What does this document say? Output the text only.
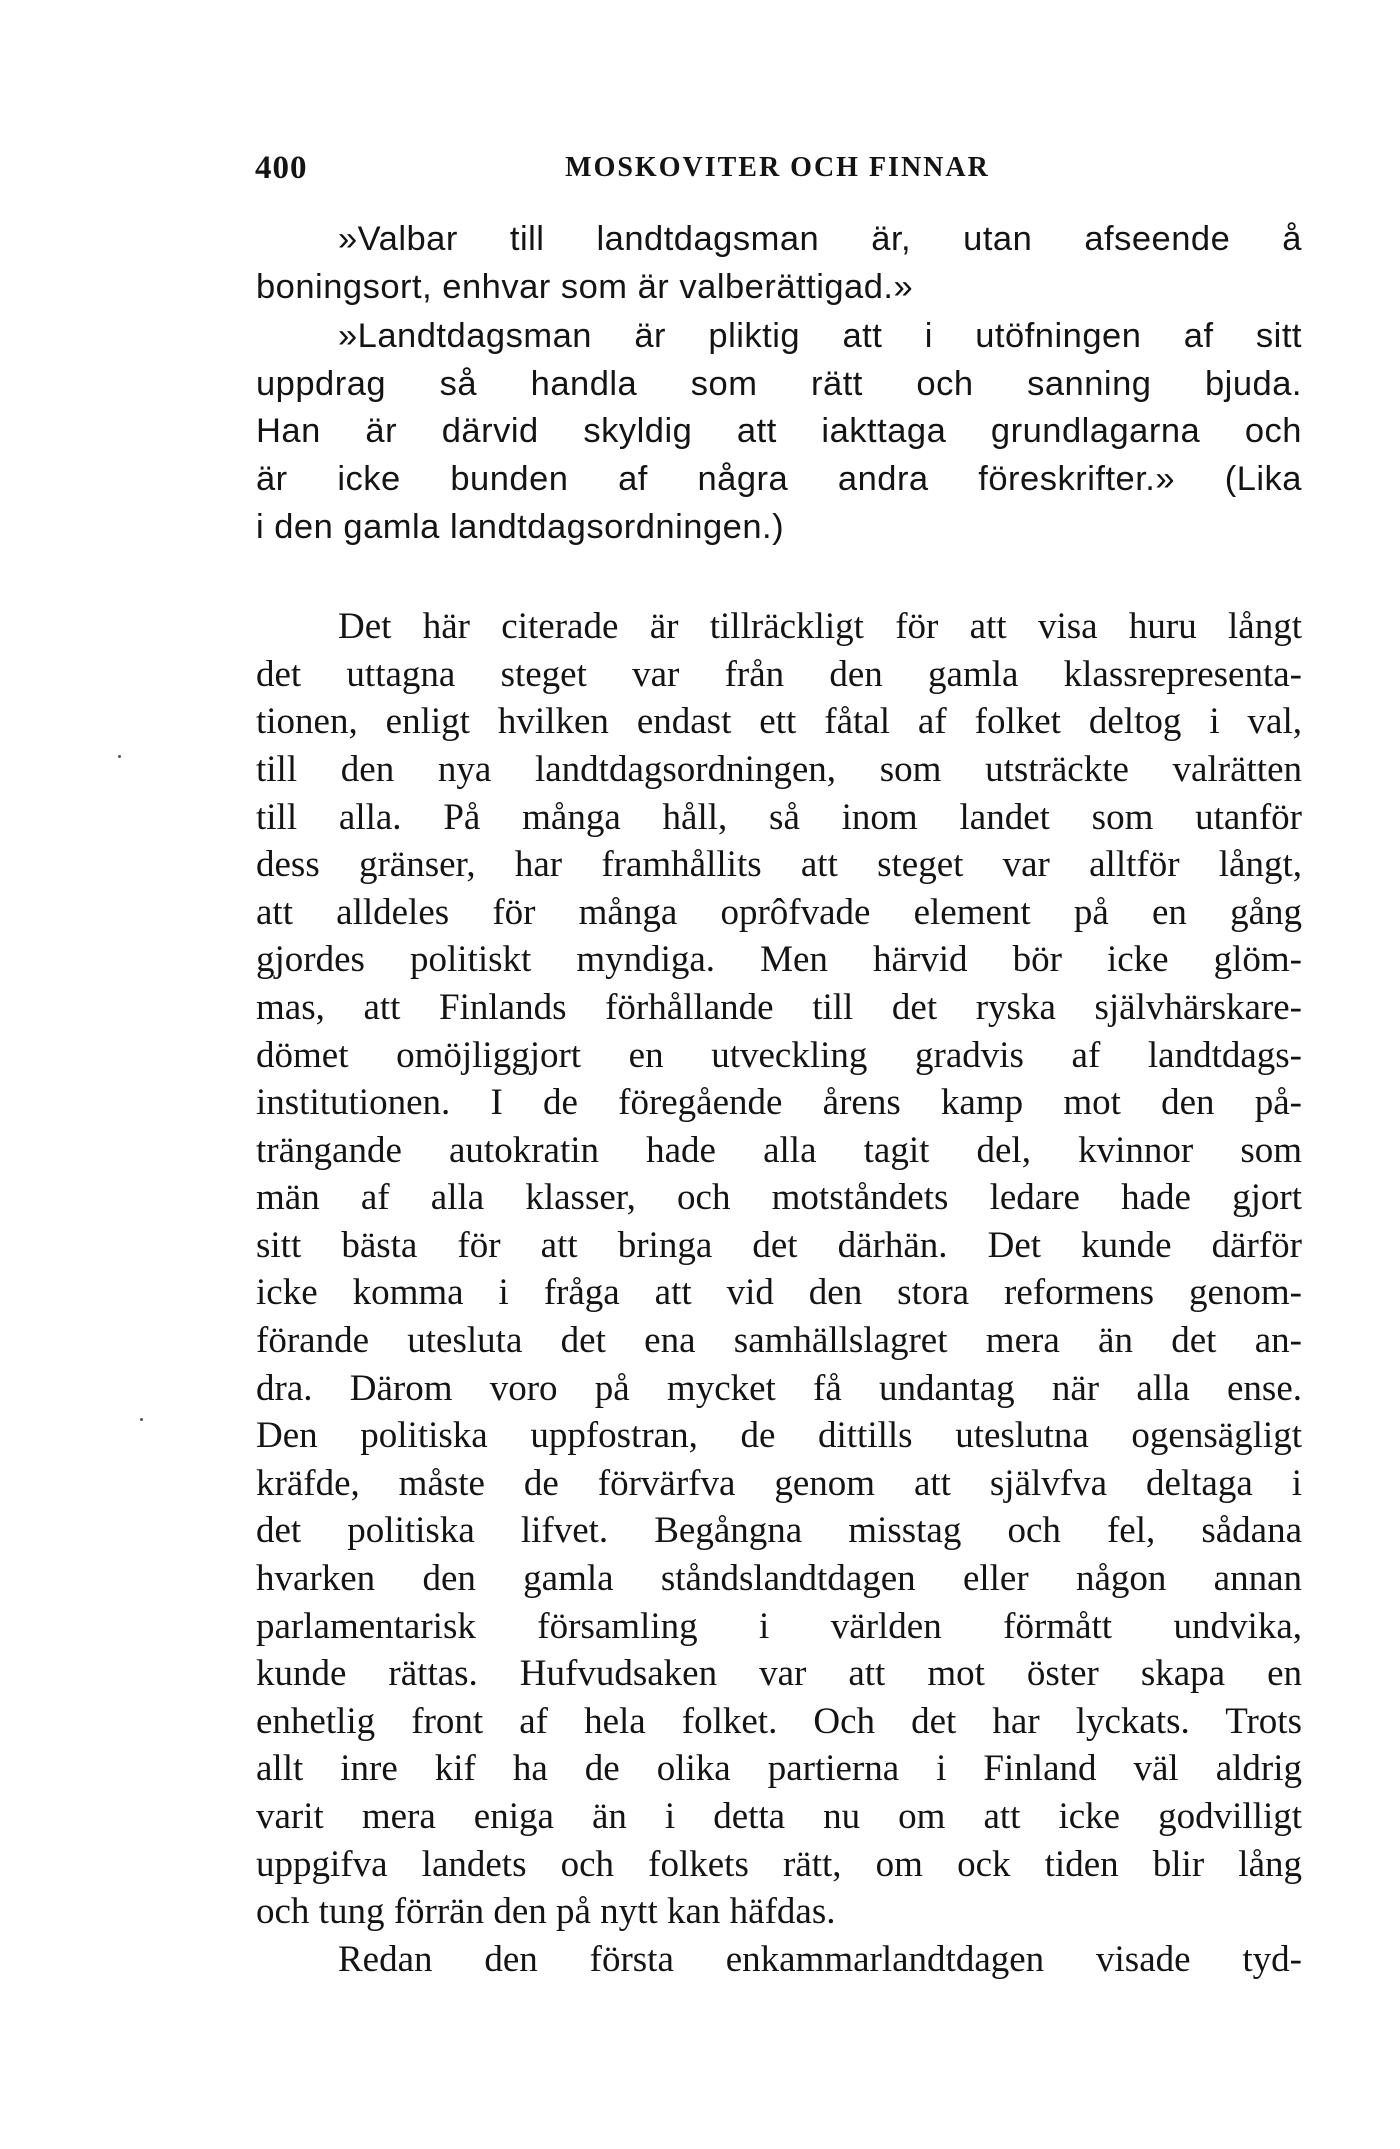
400	MOSKOVITER OCH FINNAR
»Valbar till landtdagsman är, utan afseende å
boningsort, enhvar som är valberättigad.»
»Landtdagsman är pliktig att i utöfningen af sitt
uppdrag så handla som rätt och sanning bjuda.
Han är därvid skyldig att iakttaga grundlagarna och
är icke bunden af några andra föreskrifter.» (Lika
i den gamla landtdagsordningen.)
Det här citerade är tillräckligt för att visa huru långt
det uttagna steget var från den gamla klassrepresenta-
tionen, enligt hvilken endast ett fåtal af folket deltog i val,
till den nya landtdagsordningen, som utsträckte valrätten
till alla. På många håll, så inom landet som utanför
dess gränser, har framhållits att steget var alltför långt,
att alldeles för många oprôfvade element på en gång
gjordes politiskt myndiga. Men härvid bör icke glöm-
mas, att Finlands förhållande till det ryska självhärskare-
dömet omöjliggjort en utveckling gradvis af landtdags-
institutionen. I de föregående årens kamp mot den på-
trängande autokratin hade alla tagit del, kvinnor som
män af alla klasser, och motståndets ledare hade gjort
sitt bästa för att bringa det därhän. Det kunde därför
icke komma i fråga att vid den stora reformens genom-
förande utesluta det ena samhällslagret mera än det an-
dra. Därom voro på mycket få undantag när alla ense.
Den politiska uppfostran, de dittills uteslutna ogensägligt
kräfde, måste de förvärfva genom att självfva deltaga i
det politiska lifvet. Begångna misstag och fel, sådana
hvarken den gamla ståndslandtdagen eller någon annan
parlamentarisk församling i världen förmått undvika,
kunde rättas. Hufvudsaken var att mot öster skapa en
enhetlig front af hela folket. Och det har lyckats. Trots
allt inre kif ha de olika partierna i Finland väl aldrig
varit mera eniga än i detta nu om att icke godvilligt
uppgifva landets och folkets rätt, om ock tiden blir lång
och tung förrän den på nytt kan häfdas.
Redan den första enkammarlandtdagen visade tyd-
